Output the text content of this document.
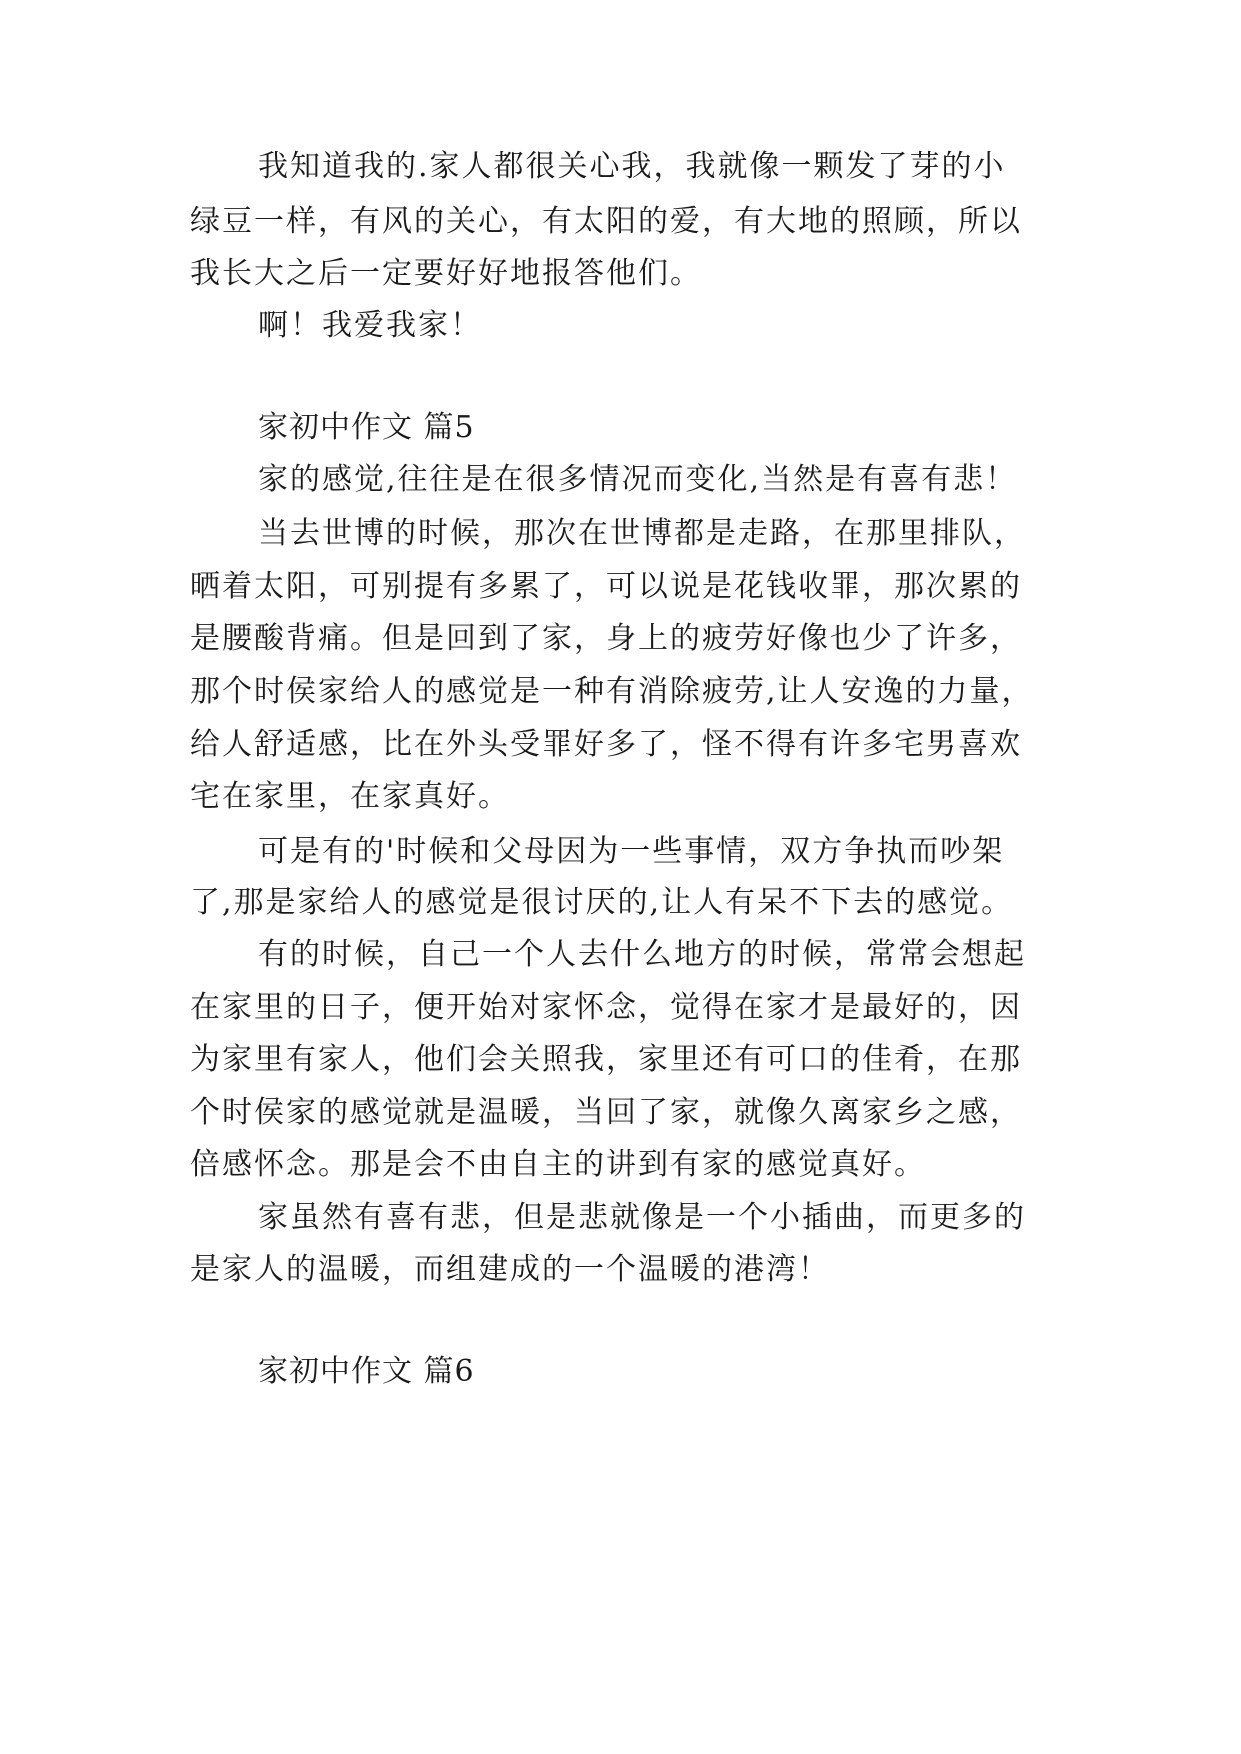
我知道我的.家人都很关心我，我就像一颗发了芽的小
绿豆一样，有风的关心，有太阳的爱，有大地的照顾，所以
我长大之后一定要好好地报答他们。
啊！我爱我家！
家初中作文 篇5
家的感觉,往往是在很多情况而变化,当然是有喜有悲！
当去世博的时候，那次在世博都是走路，在那里排队，
晒着太阳，可别提有多累了，可以说是花钱收罪，那次累的
是腰酸背痛。但是回到了家，身上的疲劳好像也少了许多，
那个时侯家给人的感觉是一种有消除疲劳,让人安逸的力量，
给人舒适感，比在外头受罪好多了，怪不得有许多宅男喜欢
宅在家里，在家真好。
可是有的'时候和父母因为一些事情，双方争执而吵架
了,那是家给人的感觉是很讨厌的,让人有呆不下去的感觉。
有的时候，自己一个人去什么地方的时候，常常会想起
在家里的日子，便开始对家怀念，觉得在家才是最好的，因
为家里有家人，他们会关照我，家里还有可口的佳肴，在那
个时侯家的感觉就是温暖，当回了家，就像久离家乡之感，
倍感怀念。那是会不由自主的讲到有家的感觉真好。
家虽然有喜有悲，但是悲就像是一个小插曲，而更多的
是家人的温暖，而组建成的一个温暖的港湾！
家初中作文 篇6
